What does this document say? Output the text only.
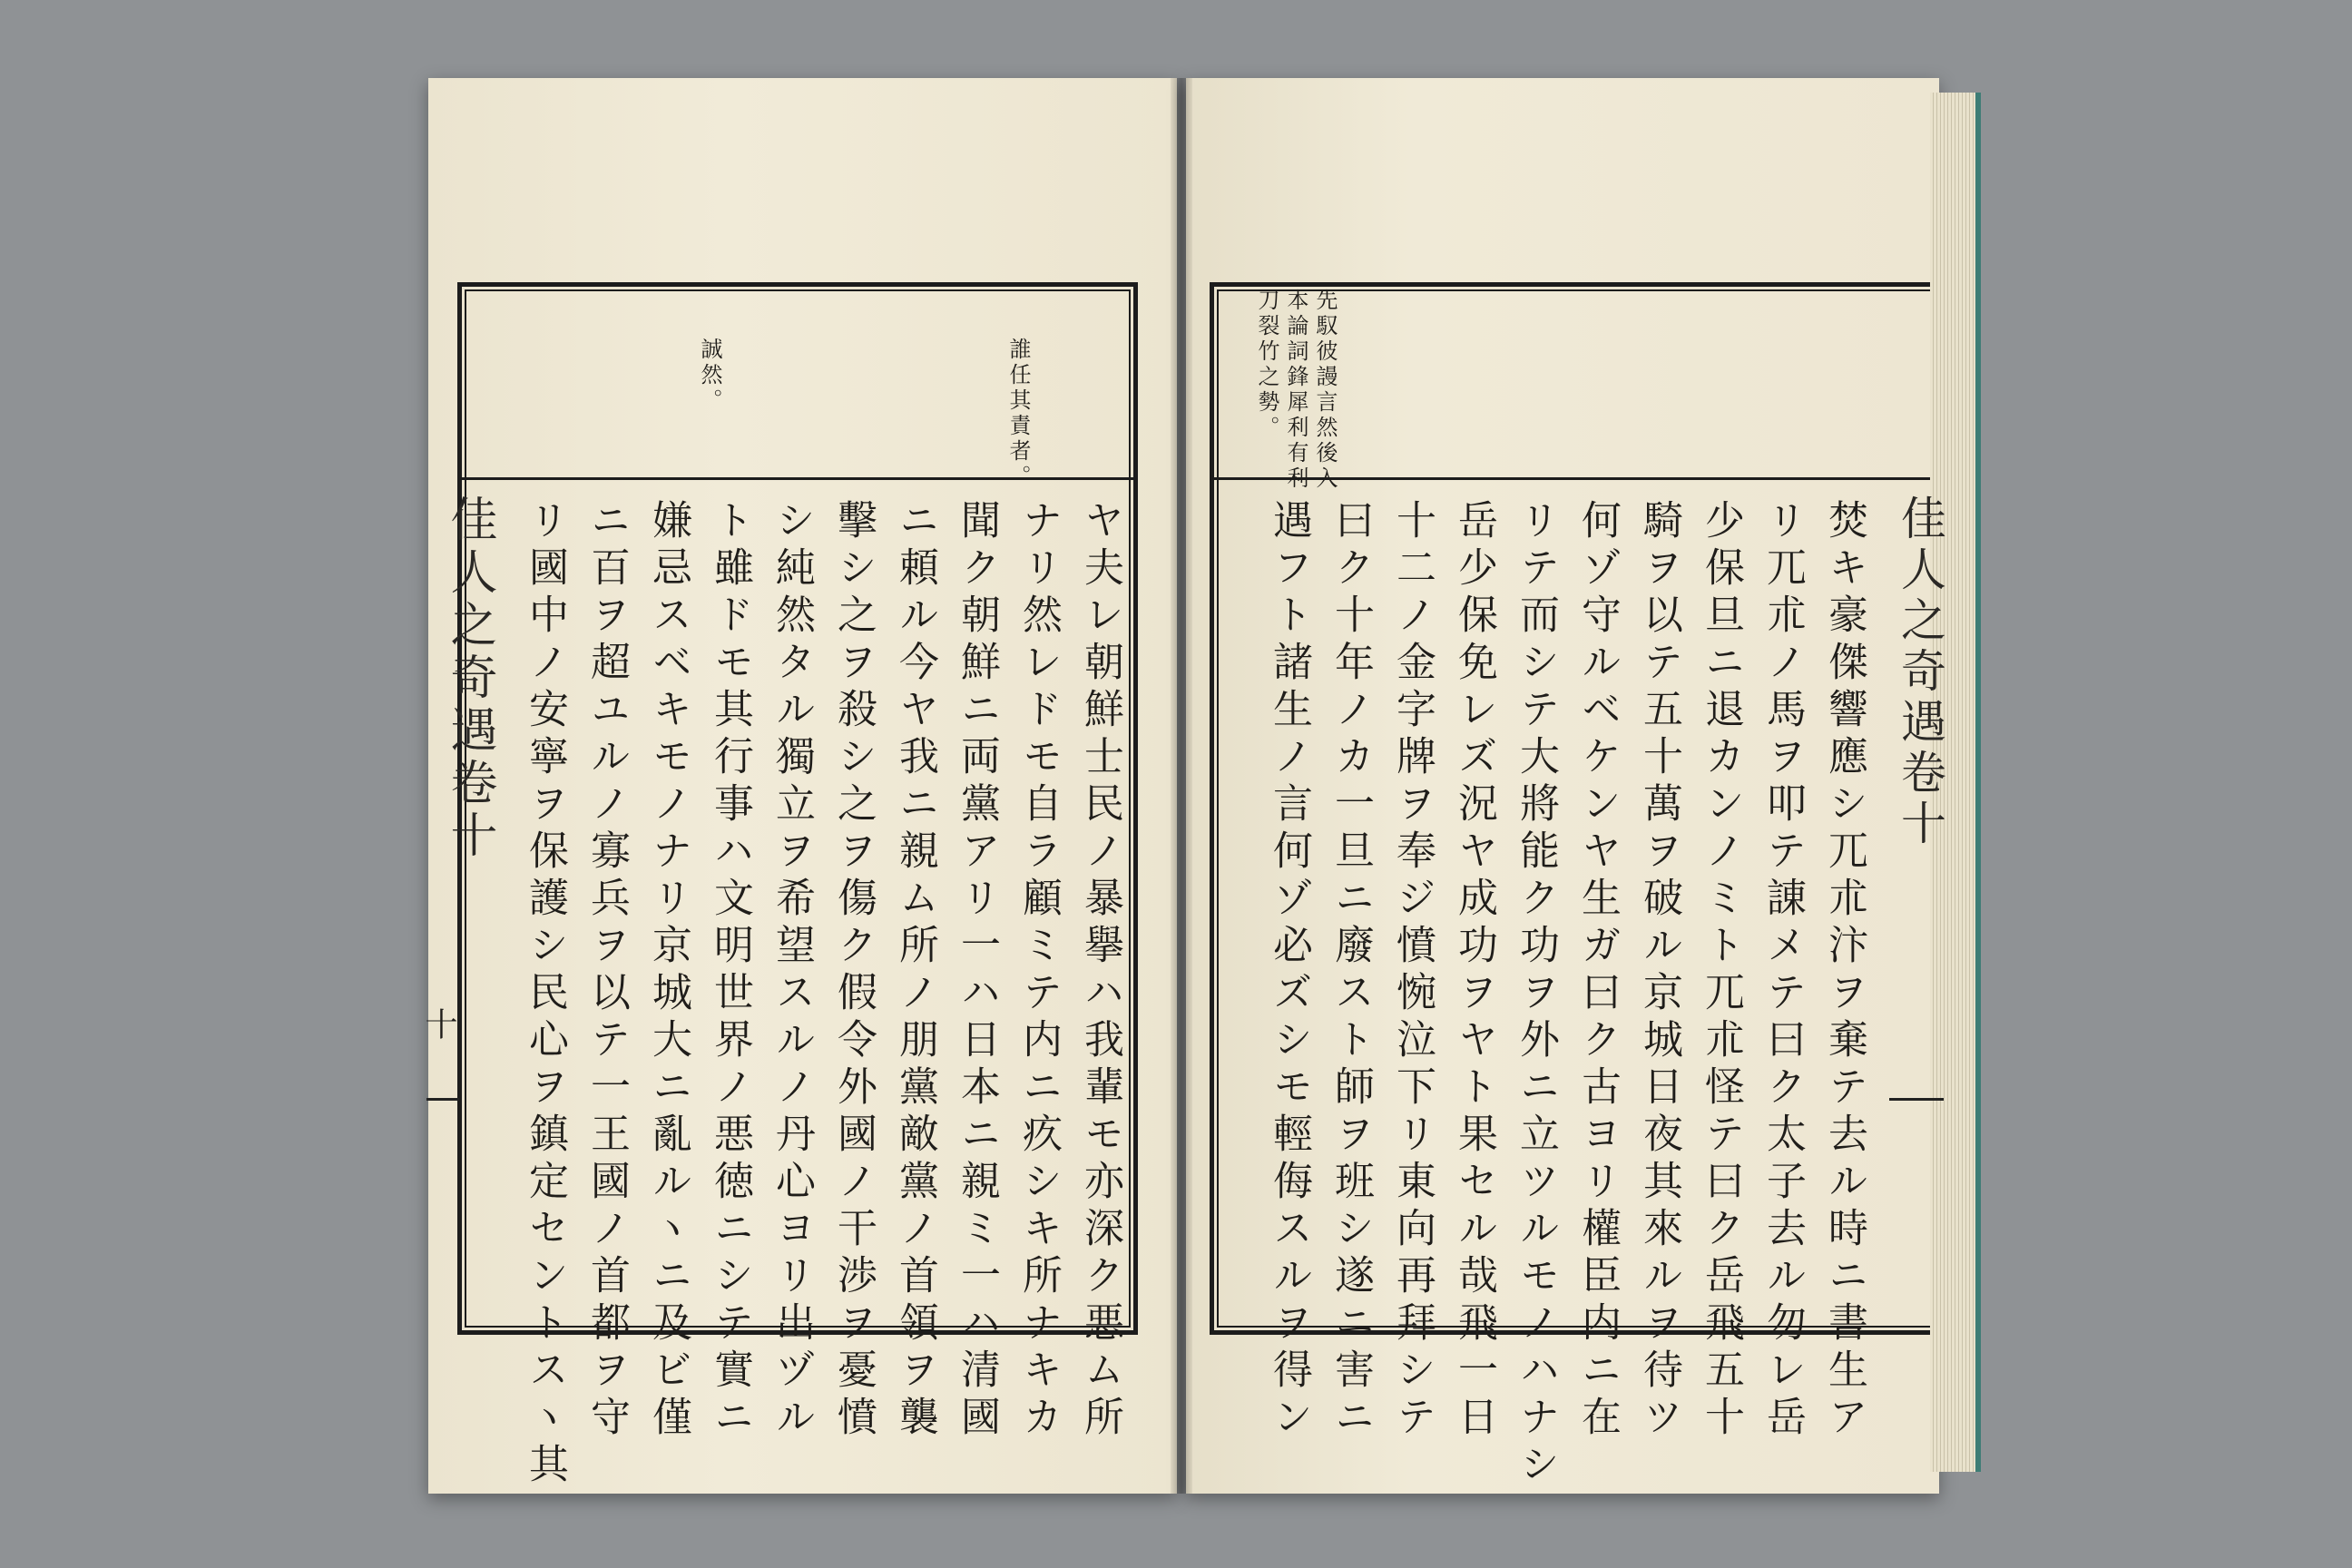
誰任其責者。
誠然。
ヤ夫レ朝鮮士民ノ暴擧ハ我輩モ亦深ク悪ム所
ナリ然レドモ自ラ顧ミテ内ニ疚シキ所ナキカ
聞ク朝鮮ニ両黨アリ一ハ日本ニ親ミ一ハ清國
ニ頼ル今ヤ我ニ親ム所ノ朋黨敵黨ノ首領ヲ襲
擊シ之ヲ殺シ之ヲ傷ク假令外國ノ干渉ヲ憂憤
シ純然タル獨立ヲ希望スルノ丹心ヨリ出ヅル
ト雖ドモ其行事ハ文明世界ノ悪徳ニシテ實ニ
嫌忌スベキモノナリ京城大ニ亂ルヽニ及ビ僅
ニ百ヲ超ユルノ寡兵ヲ以テ一王國ノ首都ヲ守
リ國中ノ安寧ヲ保護シ民心ヲ鎮定セントスヽ其
佳人之奇遇卷十
十
先馭彼謾言然後入
本論詞鋒犀利有利
刀裂竹之勢。
焚キ豪傑響應シ兀朮汴ヲ棄テ去ル時ニ書生ア
リ兀朮ノ馬ヲ叩テ諌メテ曰ク太子去ル勿レ岳
少保旦ニ退カンノミト兀朮怪テ曰ク岳飛五十
騎ヲ以テ五十萬ヲ破ル京城日夜其來ルヲ待ツ
何ゾ守ルベケンヤ生ガ曰ク古ヨリ權臣内ニ在
リテ而シテ大將能ク功ヲ外ニ立ツルモノハナシ
岳少保免レズ況ヤ成功ヲヤト果セル哉飛一日
十二ノ金字牌ヲ奉ジ憤惋泣下リ東向再拜シテ
曰ク十年ノカ一旦ニ廢スト師ヲ班シ遂ニ害ニ
遇フト諸生ノ言何ゾ必ズシモ輕侮スルヲ得ン	佳人之奇遇卷十
